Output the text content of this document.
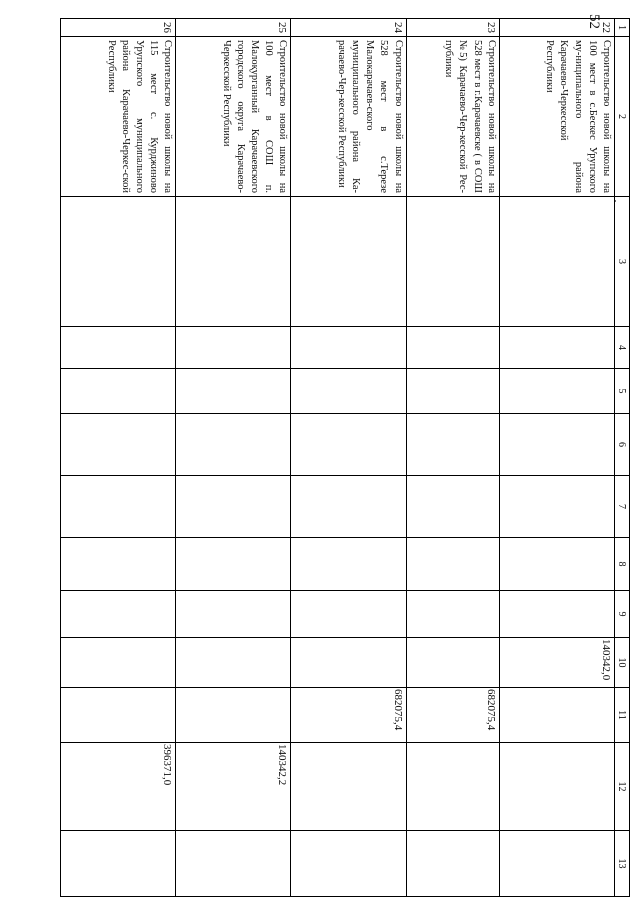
52 1	2	3	4	5	6	7	8	9	10	11	12	13
22	Строительство новой школы на 100 мест в с.Бескес Урупского му-ниципального района Карачаево-Черкесской Республики								140342,0			
23	Строительство новой школы на 528 мест в г.Карачаевске ( в СОШ №5) Карачаево-Чер-кесской Рес-публики									682075,4		
24	Строительство новой школы на 528 мест в с.Терезе Малокарачаев-ского муниципального района Ка-рачаево-Чер-кесской Республики									682075,4		
25	Строительство новой школы на 100 мест в СОШ п. Малоқурганный Карачаевского городского округа Карачаево-Черкесской Республики										140342,2	
26	Строительство новой школы на 115 мест с. Курджиново Урупского муниципального района Карачаево-Черкес-ской Республики										396371,0	
